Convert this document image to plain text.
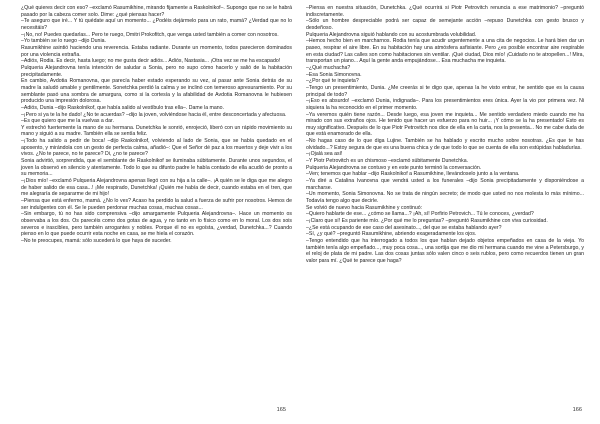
¿Qué quieres decir con eso? –exclamó Rasumikhine, mirando fijamente a Raskolnikof–. Supongo que no se le habrá pasado por la cabeza comer solo. Dime: ¿qué piensas hacer?

–Te aseguro que iré... Y tú quédate aquí un momento... ¿Podéis dejármelo para un rato, mamá? ¿Verdad que no lo necesitáis?

–¡No, no! Puedes quedarlas... Pero te ruego, Dmitri Prokofitch, que venga usted también a comer con nosotros.

–Yo también se lo ruego –dijo Dunia.

Rasumikhine asintió haciendo una reverencia. Estaba radiante. Durante un momento, todos parecieron dominados por una violencia extraña.

–Adiós, Rodia. Es decir, hasta luego; no me gusta decir adiós... Adiós, Nastasia... ¡Otra vez se me ha escapado!

Pulqueria Alejandrovna tenía intención de saludar a Sonia, pero no supo cómo hacerlo y salió de la habitación precipitadamente.

En cambio, Avdotia Romanovna, que parecía haber estado esperando su vez, al pasar ante Sonia detrás de su madre la saludó amable y gentilmente. Sonetchka perdió la calma y se inclinó con temeroso apresuramiento. Por su semblante pasó una sombra de amargura, como si la cortesía y la afabilidad de Avdotia Romanovna le hubiesen producido una impresión dolorosa.

–Adiós, Dunia –dijo Raskolnikof, que había salido al vestíbulo tras ella–. Dame la mano.

–¡Pero si ya te la he dado! ¿No te acuerdas? –dijo la joven, volviéndose hacia él, entre desconcertada y afectuosa.

–Es que quiero que me la vuelvas a dar.

Y estrechó fuertemente la mano de su hermana. Dunetchka le sonrió, enrojeció, liberó con un rápido movimiento su mano y siguió a su madre. También ella se sentía feliz.

–¡Todo ha salido a pedir de boca! –dijo Raskolnikof, volviendo al lado de Sonia, que se había quedado en el aposento, y mirándola con un gesto de perfecta calma, añadió–: Que el Señor dé paz a los muertos y deje vivir a los vivos. ¿No te parece, no te parece? Di, ¿no te parece?

Sonia advirtió, sorprendida, que el semblante de Raskolnikof se iluminaba súbitamente. Durante unos segundos, el joven la observó en silencio y atentamente. Todo lo que su difunto padre le había contado de ella acudió de pronto a su memoria...

–¡Dios mío! –exclamó Pulqueria Alejandrovna apenas llegó con su hija a la calle–. ¡A quién se le diga que me alegro de haber salido de esa casa...! ¡Me respirado, Dunetchka! ¡Quién me había de decir, cuando estaba en el tren, que me alegraría de separarme de mi hijo!

–Piensa que está enfermo, mamá. ¿No lo ves? Acaso ha perdido la salud a fuerza de sufrir por nosotros. Hemos de ser indulgentes con él. Se le pueden perdonar muchas cosas, muchas cosas...

–Sin embargo, tú no has sido comprensiva –dijo amargamente Pulqueria Alejandrovna–. Hace un momento os observaba a los dos. Os parecéis como dos gotas de agua, y no tanto en lo físico como en lo moral. Los dos sois severos e irascibles, pero también arrogantes y nobles. Porque él no es egoísta, ¿verdad, Dunetchka...? Cuando pienso en lo que puede ocurrir esta noche en casa, se me hiela el corazón.

–No te preocupes, mamá: sólo sucederá lo que haya de suceder.

165

–Piensa en nuestra situación, Dunetchka. ¿Qué ocurrirá si Piotr Petrovitch renuncia a ese matrimonio? –preguntó indiscretamente.

–Sólo un hombre despreciable podrá ser capaz de semejante acción –repuso Dunetchka con gesto brusco y desdeñoso.

Pulqueria Alejandrovna siguió hablando con su acostumbrada volubilidad.

–Hemos hecho bien en marcharnos. Rodia tenía que acudir urgentemente a una cita de negocios. Le hará bien dar un paseo, respirar el aire libre. En su habitación hay una atmósfera asfixiante. Pero ¿es posible encontrar aire respirable en esta ciudad? Las calles son como habitaciones sin ventilar. ¡Qué ciudad, Dios mío! ¡Cuidado no te atropellen...! Mira, transportan un piano... Aquí la gente anda empujándose... Esa muchacha me inquieta.

–¿Qué muchacha?

–Esa Sonia Simonovna.

–¿Por qué te inquieta?

–Tengo un presentimiento, Dunia. ¿Me creerás si te digo que, apenas la he visto entrar, he sentido que es la causa principal de todo?

–¡Eso es absurdo! –exclamó Dunia, indignada–. Para los presentimientos eres única. Ayer la vio por primera vez. Ni siquiera la ha reconocido en el primer momento.

–Ya veremos quién tiene razón... Desde luego, esa joven me inquieta... Me sentido verdadero miedo cuando me ha mirado con sus extraños ojos. He tenido que hacer un esfuerzo para no huir... ¡Y cómo se la ha presentado! Esto es muy significativo. Después de lo que Piotr Petrovitch nos dice de ella en la carta, nos la presenta... No me cabe duda de que está enamorado de ella.

–No hagas caso de lo que diga Lujine. También se ha hablado y escrito mucho sobre nosotras. ¿Es que te has olvidado...? Estoy segura de que es una buena chica y de que todo lo que se cuenta de ella son estúpidas habladurías.

–¡Ojalá sea así!

–Y Piotr Petrovitch es un chismoso –exclamó súbitamente Dunetchka.

Pulqueria Alejandrovna se contuvo y en este punto terminó la conversación.

–Ven; tenemos que hablar –dijo Raskolnikof a Rasumikhine, llevándoselo junto a la ventana.

–Ya diré a Catalina Ivanovna que vendrá usted a los funerales –dijo Sonia precipitadamente y disponiéndose a marcharse.

–Un momento, Sonia Simonovna. No se trata de ningún secreto; de modo que usted no nos molesta lo más mínimo... Todavía tengo algo que decirle.

Se volvió de nuevo hacia Rasumikhine y continuó:

–Quiero hablarte de ese... ¿cómo se llama...? ¡Ah, sí! Porfirio Petrovich... Tú le conoces, ¿verdad?

–¡Claro que sí! Es pariente mío. ¿Por qué me lo preguntas? –preguntó Rasumikhine con viva curiosidad.

–¿Se está ocupando de ese caso del asesinato..., del que se estaba hablando ayer?

–Sí, ¿y qué? –preguntó Rasumikhine, abriendo exageradamente los ojos.

–Tengo entendido que ha interrogado a todos los que habían dejado objetos empeñados en casa de la vieja. Yo también tenía algo empeñado..., muy poca cosa..., una sortija que me dio mi hermana cuando me vine a Petersburgo, y el reloj de plata de mi padre. Las dos cosas juntas sólo valen cinco o seis rublos, pero como recuerdos tienen un gran valor para mí. ¿Qué te parece que haga?

166
